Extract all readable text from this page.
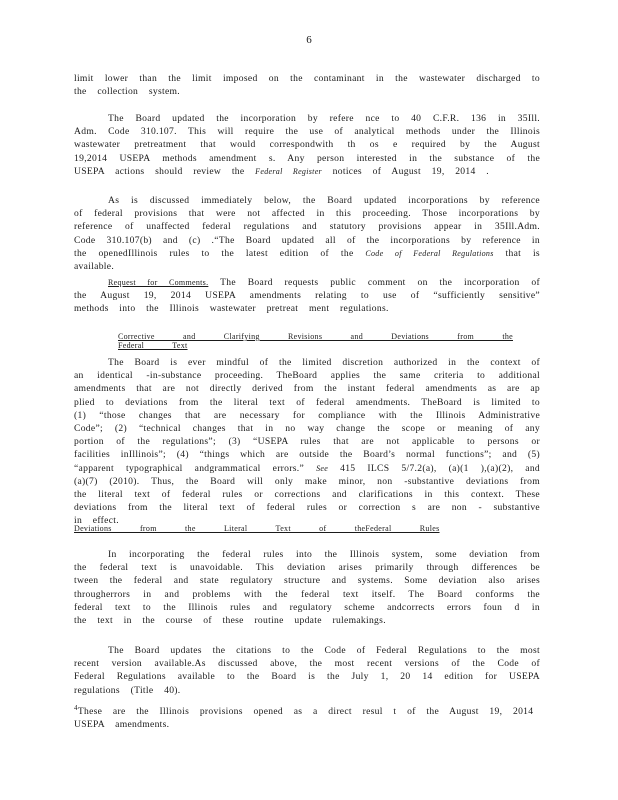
6
limit lower than the limit imposed on the contaminant in the wastewater discharged to the collection system.
The Board updated the incorporation by refere nce to 40 C.F.R. 136 in 35Ill. Adm. Code 310.107. This will require the use of analytical methods under the Illinois wastewater pretreatment that would correspondwith th os e required by the August 19,2014 USEPA methods amendment s. Any person interested in the substance of the USEPA actions should review the Federal Register notices of August 19, 2014 .
As is discussed immediately below, the Board updated incorporations by reference of federal provisions that were not affected in this proceeding. Those incorporations by reference of unaffected federal regulations and statutory provisions appear in 35Ill.Adm. Code 310.107(b) and (c) .“The Board updated all of the incorporations by reference in the openedIllinois rules to the latest edition of the Code of Federal Regulations that is available.
Request for Comments. The Board requests public comment on the incorporation of the August 19, 2014 USEPA amendments relating to use of “sufficiently sensitive” methods into the Illinois wastewater pretreat ment regulations.
Corrective and Clarifying Revisions and Deviations from the Federal Text
The Board is ever mindful of the limited discretion authorized in the context of an identical -in-substance proceeding. TheBoard applies the same criteria to additional amendments that are not directly derived from the instant federal amendments as are ap plied to deviations from the literal text of federal amendments. TheBoard is limited to (1) “those changes that are necessary for compliance with the Illinois Administrative Code”; (2) “technical changes that in no way change the scope or meaning of any portion of the regulations”; (3) “USEPA rules that are not applicable to persons or facilities inIllinois”; (4) “things which are outside the Board’s normal functions”; and (5) “apparent typographical andgrammatical errors.” See 415 ILCS 5/7.2(a), (a)(1 ),(a)(2), and (a)(7) (2010). Thus, the Board will only make minor, non -substantive deviations from the literal text of federal rules or corrections and clarifications in this context. These deviations from the literal text of federal rules or correction s are non - substantive in effect.
Deviations from the Literal Text of theFederal Rules
In incorporating the federal rules into the Illinois system, some deviation from the federal text is unavoidable. This deviation arises primarily through differences be tween the federal and state regulatory structure and systems. Some deviation also arises througherrors in and problems with the federal text itself. The Board conforms the federal text to the Illinois rules and regulatory scheme andcorrects errors foun d in the text in the course of these routine update rulemakings.
The Board updates the citations to the Code of Federal Regulations to the most recent version available.As discussed above, the most recent versions of the Code of Federal Regulations available to the Board is the July 1, 20 14 edition for USEPA regulations (Title 40).
$^4$These are the Illinois provisions opened as a direct resul t of the August 19, 2014 USEPA amendments.
